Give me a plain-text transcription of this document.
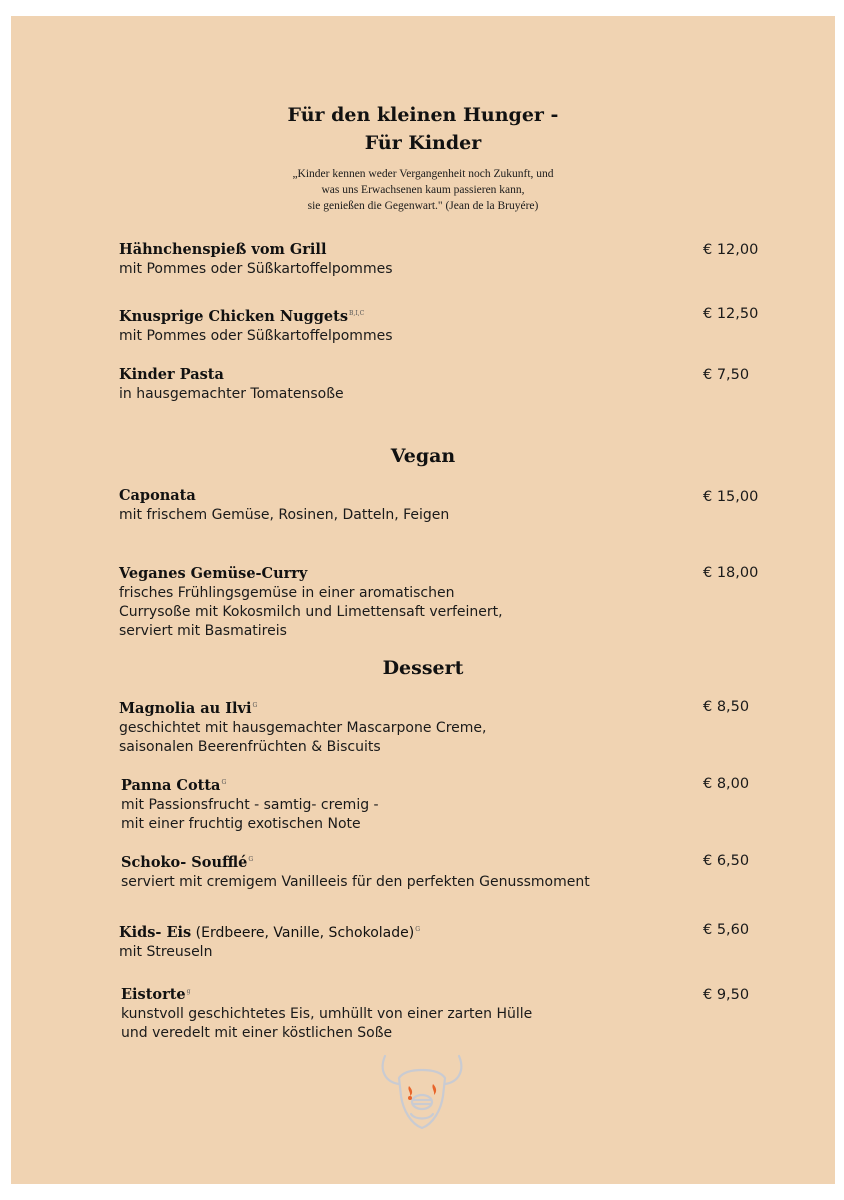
Für den kleinen Hunger -
Für Kinder
„Kinder kennen weder Vergangenheit noch Zukunft, und
was uns Erwachsenen kaum passieren kann,
sie genießen die Gegenwart." (Jean de la Bruyére)
Hähnchenspieß vom Grill
mit Pommes oder Süßkartoffelpommes
€ 12,00
Knusprige Chicken Nuggets$^{B,I,C}$
mit Pommes oder Süßkartoffelpommes
€ 12,50
Kinder Pasta
in hausgemachter Tomatensoße
€ 7,50
Vegan
Caponata
mit frischem Gemüse, Rosinen, Datteln, Feigen
€ 15,00
Veganes Gemüse-Curry
frisches Frühlingsgemüse in einer aromatischen
Currysoße mit Kokosmilch und Limettensaft verfeinert,
serviert mit Basmatireis
€ 18,00
Dessert
Magnolia au Ilvi$^G$
geschichtet mit hausgemachter Mascarpone Creme,
saisonalen Beerenfrüchten & Biscuits
€ 8,50
Panna Cotta$^G$
mit Passionsfrucht - samtig- cremig -
mit einer fruchtig exotischen Note
€ 8,00
Schoko- Soufflé$^G$
serviert mit cremigem Vanilleeis für den perfekten Genussmoment
€ 6,50
Kids- Eis (Erdbeere, Vanille, Schokolade)$^G$
mit Streuseln
€ 5,60
Eistorte$^g$
kunstvoll geschichtetes Eis, umhüllt von einer zarten Hülle
und veredelt mit einer köstlichen Soße
€ 9,50
